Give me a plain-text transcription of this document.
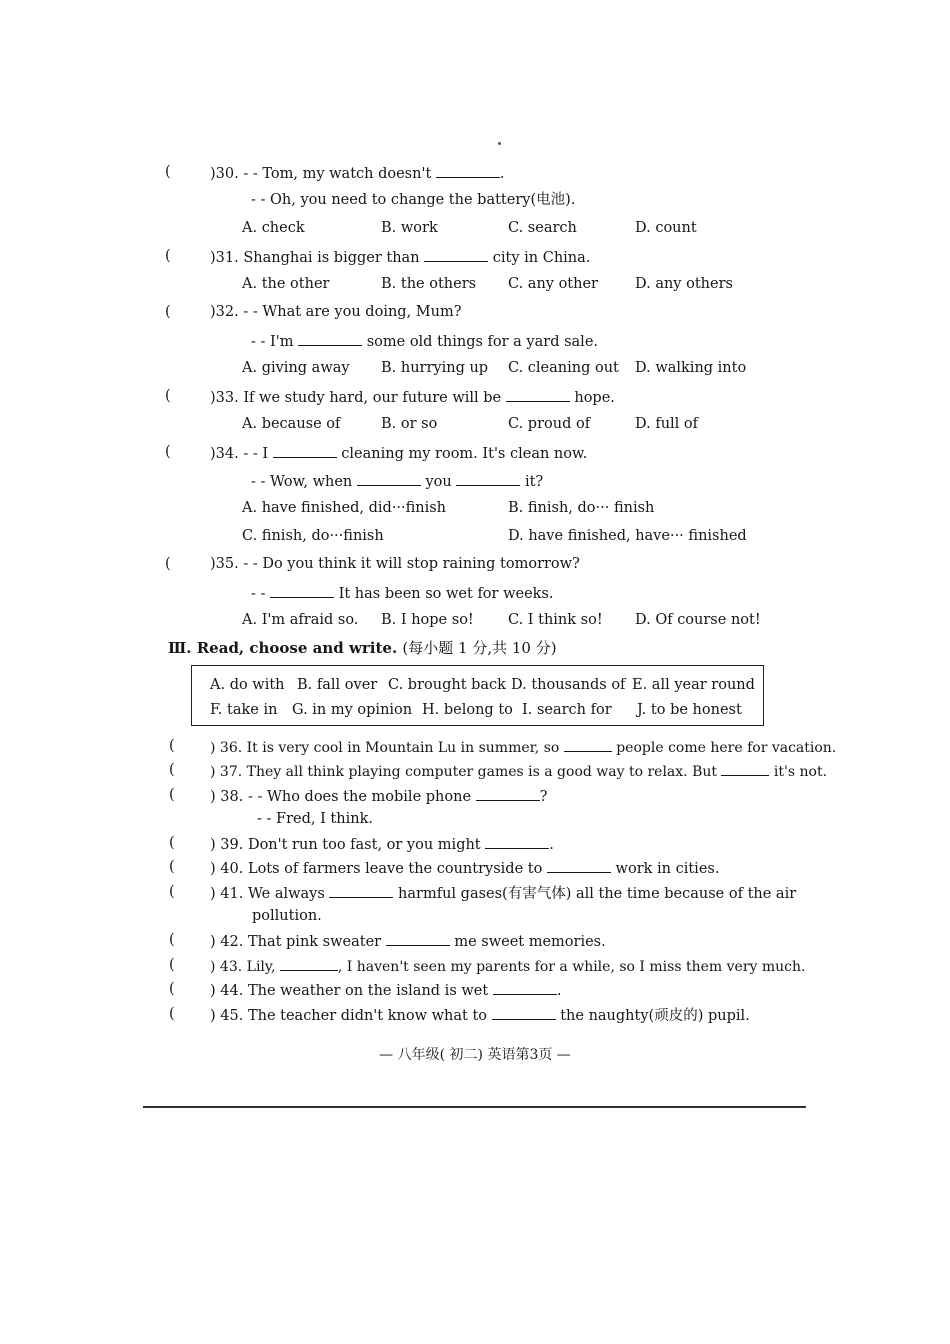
(	)30. - - Tom, my watch doesn't	.
- - Oh, you need to change the battery(电池).
A. check	B. work	C. search	D. count
(	)31. Shanghai is bigger than	city in China.
A. the other	B. the others C. any other	D. any others
(	)32. - - What are you doing, Mum?
- - I'm	some old things for a yard sale.
A. giving away B. hurrying up C. cleaning out D. walking into
(	)33. If we study hard, our future will be	hope.
A. because of	B. or so	C. proud of	D. full of
(	)34. - - I	cleaning my room. It's clean now.
- - Wow, when	you	it?
A. have finished, did···finish	B. finish, do··· finish
C. finish, do···finish	D. have finished, have··· finished
(	)35. - - Do you think it will stop raining tomorrow?
- -	It has been so wet for weeks.
A. I'm afraid so. B. I hope so! C. I think so! D. Of course not!
Ⅲ. Read, choose and write. (每小题 1 分,共 10 分)
A. do with B. fall over C. brought back D. thousands of E. all year round
F. take in G. in my opinion H. belong to I. search for J. to be honest
(	) 36. It is very cool in Mountain Lu in summer, so	people come here for vacation.
(	) 37. They all think playing computer games is a good way to relax. But	it's not.
( ) 38. - - Who does the mobile phone	?
- - Fred, I think.
( ) 39. Don't run too fast, or you might	.
( ) 40. Lots of farmers leave the countryside to	work in cities.
( ) 41. We always	harmful gases(有害气体) all the time because of the air
pollution.
( ) 42. That pink sweater	me sweet memories.
(	) 43. Lily,	, I haven't seen my parents for a while, so I miss them very much.
( ) 44. The weather on the island is wet	.
( ) 45. The teacher didn't know what to	the naughty(顽皮的) pupil.
— 八年级( 初二) 英语第3页 —
